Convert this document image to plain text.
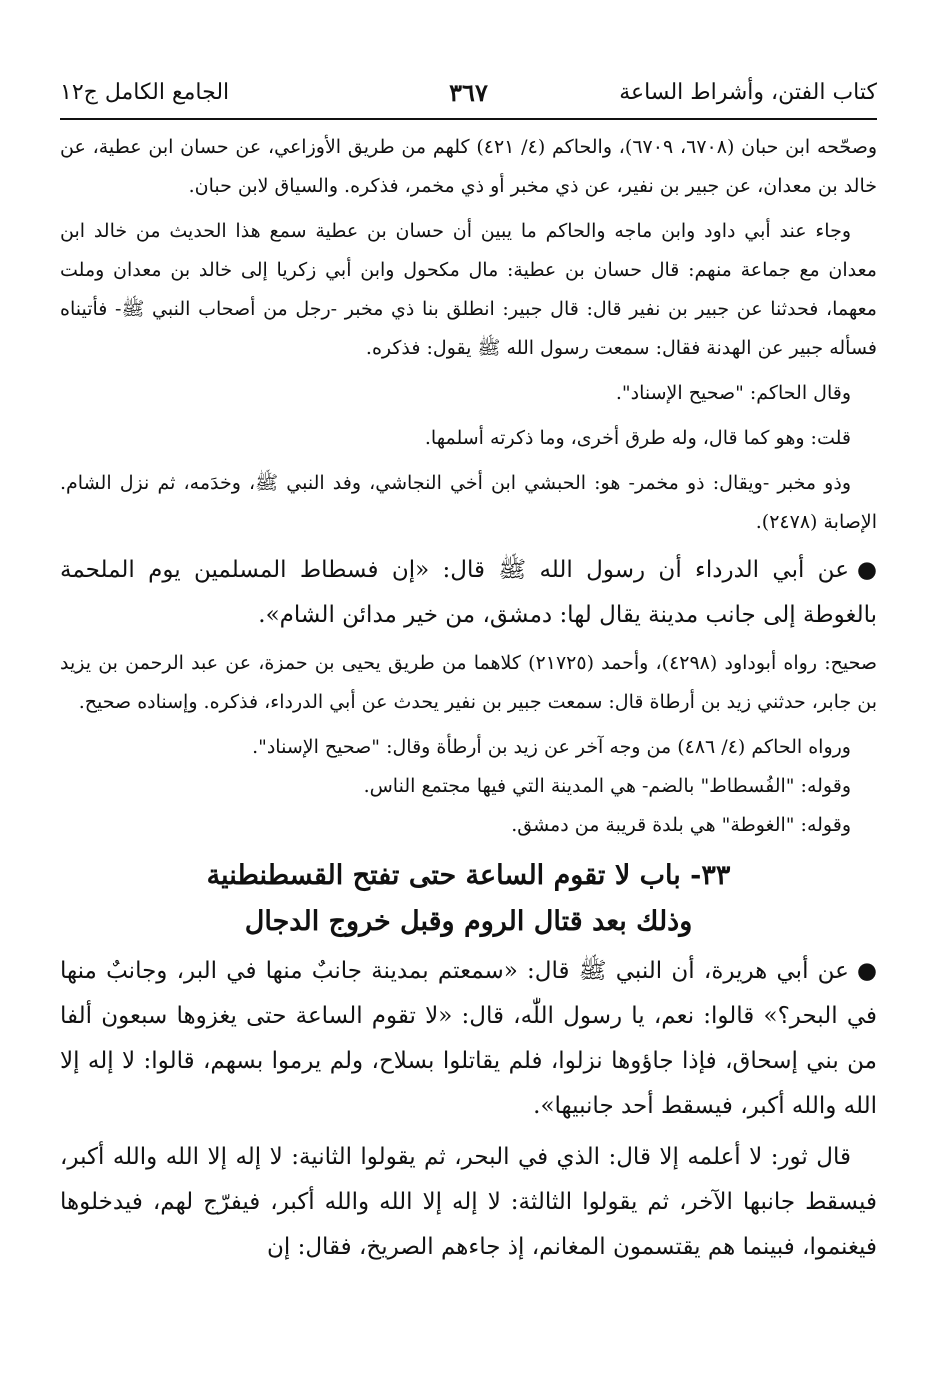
كتاب الفتن، وأشراط الساعة
٣٦٧
الجامع الكامل ج١٢

وصحّحه ابن حبان (٦٧٠٨، ٦٧٠٩)، والحاكم (٤/ ٤٢١) كلهم من طريق الأوزاعي، عن حسان ابن عطية، عن خالد بن معدان، عن جبير بن نفير، عن ذي مخبر أو ذي مخمر، فذكره. والسياق لابن حبان.

وجاء عند أبي داود وابن ماجه والحاكم ما يبين أن حسان بن عطية سمع هذا الحديث من خالد ابن معدان مع جماعة منهم: قال حسان بن عطية: مال مكحول وابن أبي زكريا إلى خالد بن معدان وملت معهما، فحدثنا عن جبير بن نفير قال: قال جبير: انطلق بنا ذي مخبر -رجل من أصحاب النبي ﷺ- فأتيناه فسأله جبير عن الهدنة فقال: سمعت رسول الله ﷺ يقول: فذكره.

وقال الحاكم: "صحيح الإسناد".

قلت: وهو كما قال، وله طرق أخرى، وما ذكرته أسلمها.

وذو مخبر -ويقال: ذو مخمر- هو: الحبشي ابن أخي النجاشي، وفد النبي ﷺ، وخدَمه، ثم نزل الشام. الإصابة (٢٤٧٨).

●عن أبي الدرداء أن رسول الله ﷺ قال: «إن فسطاط المسلمين يوم الملحمة بالغوطة إلى جانب مدينة يقال لها: دمشق، من خير مدائن الشام».

صحيح: رواه أبوداود (٤٢٩٨)، وأحمد (٢١٧٢٥) كلاهما من طريق يحيى بن حمزة، عن عبد الرحمن بن يزيد بن جابر، حدثني زيد بن أرطاة قال: سمعت جبير بن نفير يحدث عن أبي الدرداء، فذكره. وإسناده صحيح.

ورواه الحاكم (٤/ ٤٨٦) من وجه آخر عن زيد بن أرطأة وقال: "صحيح الإسناد".

وقوله: "الفُسطاط" بالضم- هي المدينة التي فيها مجتمع الناس.

وقوله: "الغوطة" هي بلدة قريبة من دمشق.

٣٣- باب لا تقوم الساعة حتى تفتح القسطنطنية
وذلك بعد قتال الروم وقبل خروج الدجال

●عن أبي هريرة، أن النبي ﷺ قال: «سمعتم بمدينة جانبٌ منها في البر، وجانبٌ منها في البحر؟» قالوا: نعم، يا رسول اللّٰه، قال: «لا تقوم الساعة حتى يغزوها سبعون ألفا من بني إسحاق، فإذا جاؤوها نزلوا، فلم يقاتلوا بسلاح، ولم يرموا بسهم، قالوا: لا إله إلا الله والله أكبر، فيسقط أحد جانبيها».

قال ثور: لا أعلمه إلا قال: الذي في البحر، ثم يقولوا الثانية: لا إله إلا الله والله أكبر، فيسقط جانبها الآخر، ثم يقولوا الثالثة: لا إله إلا الله والله أكبر، فيفرّج لهم، فيدخلوها فيغنموا، فبينما هم يقتسمون المغانم، إذ جاءهم الصريخ، فقال: إن
